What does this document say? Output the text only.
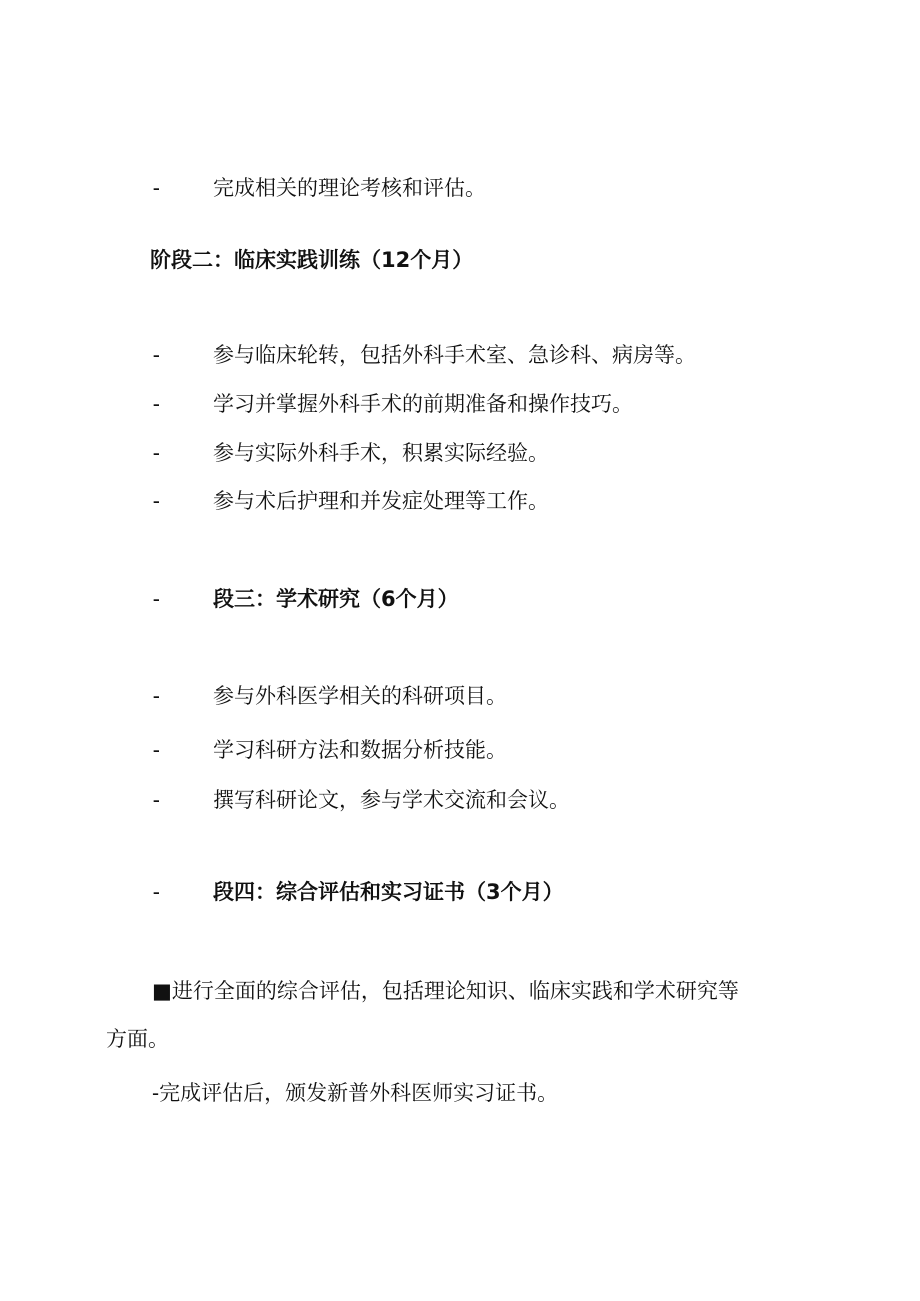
- 完成相关的理论考核和评估。
阶段二：临床实践训练（12个月）
- 参与临床轮转，包括外科手术室、急诊科、病房等。
- 学习并掌握外科手术的前期准备和操作技巧。
- 参与实际外科手术，积累实际经验。
- 参与术后护理和并发症处理等工作。
- 段三：学术研究（6个月）
- 参与外科医学相关的科研项目。
- 学习科研方法和数据分析技能。
- 撰写科研论文，参与学术交流和会议。
- 段四：综合评估和实习证书（3个月）
■进行全面的综合评估，包括理论知识、临床实践和学术研究等
方面。
-完成评估后，颁发新普外科医师实习证书。
